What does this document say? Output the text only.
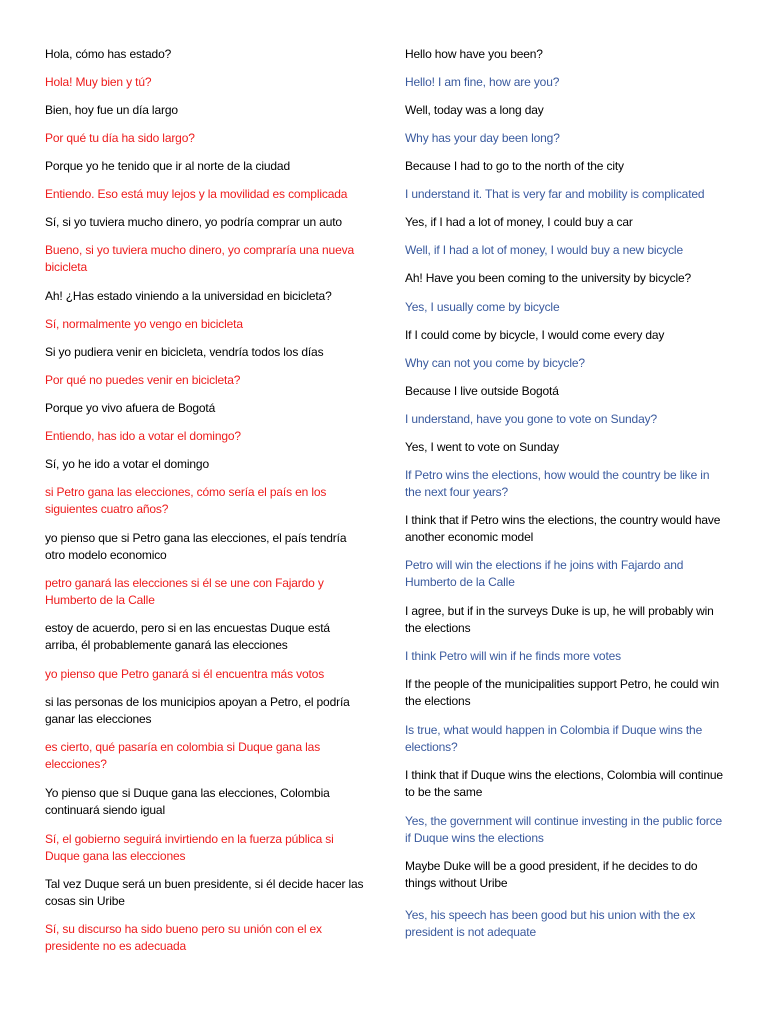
Hola, cómo has estado?

Hola! Muy bien y tú?

Bien, hoy fue un día largo

Por qué tu día ha sido largo?

Porque yo he tenido que ir al norte de la ciudad

Entiendo. Eso está muy lejos y la movilidad es complicada

Sí, si yo tuviera mucho dinero, yo podría comprar un auto

Bueno, si yo tuviera mucho dinero, yo compraría una nueva bicicleta

Ah! ¿Has estado viniendo a la universidad en bicicleta?

Sí, normalmente yo vengo en bicicleta

Si yo pudiera venir en bicicleta, vendría todos los días

Por qué no puedes venir en bicicleta?

Porque yo vivo afuera de Bogotá

Entiendo, has ido a votar el domingo?

Sí, yo he ido a votar el domingo

si Petro gana las elecciones, cómo sería el país en los siguientes cuatro años?

yo pienso que si Petro gana las elecciones, el país tendría otro modelo economico

petro ganará las elecciones si él se une con Fajardo y Humberto de la Calle

estoy de acuerdo, pero si en las encuestas Duque está arriba, él probablemente ganará las elecciones

yo pienso que Petro ganará si él encuentra más votos

si las personas de los municipios apoyan a Petro, el podría ganar las elecciones

es cierto, qué pasaría en colombia si Duque gana las elecciones?

Yo pienso que si Duque gana las elecciones, Colombia continuará siendo igual

Sí, el gobierno seguirá invirtiendo en la fuerza pública si Duque gana las elecciones

Tal vez Duque será un buen presidente, si él decide hacer las cosas sin Uribe

Sí, su discurso ha sido bueno pero su unión con el ex presidente no es adecuada

Hello how have you been?

Hello! I am fine, how are you?

Well, today was a long day

Why has your day been long?

Because I had to go to the north of the city

I understand it. That is very far and mobility is complicated

Yes, if I had a lot of money, I could buy a car

Well, if I had a lot of money, I would buy a new bicycle

Ah! Have you been coming to the university by bicycle?

Yes, I usually come by bicycle

If I could come by bicycle, I would come every day

Why can not you come by bicycle?

Because I live outside Bogotá

I understand, have you gone to vote on Sunday?

Yes, I went to vote on Sunday

If Petro wins the elections, how would the country be like in the next four years?

I think that if Petro wins the elections, the country would have another economic model

Petro will win the elections if he joins with Fajardo and Humberto de la Calle

I agree, but if in the surveys Duke is up, he will probably win the elections

I think Petro will win if he finds more votes

If the people of the municipalities support Petro, he could win the elections

Is true, what would happen in Colombia if Duque wins the elections?

I think that if Duque wins the elections, Colombia will continue to be the same

Yes, the government will continue investing in the public force if Duque wins the elections

Maybe Duke will be a good president, if he decides to do things without Uribe

Yes, his speech has been good but his union with the ex president is not adequate
